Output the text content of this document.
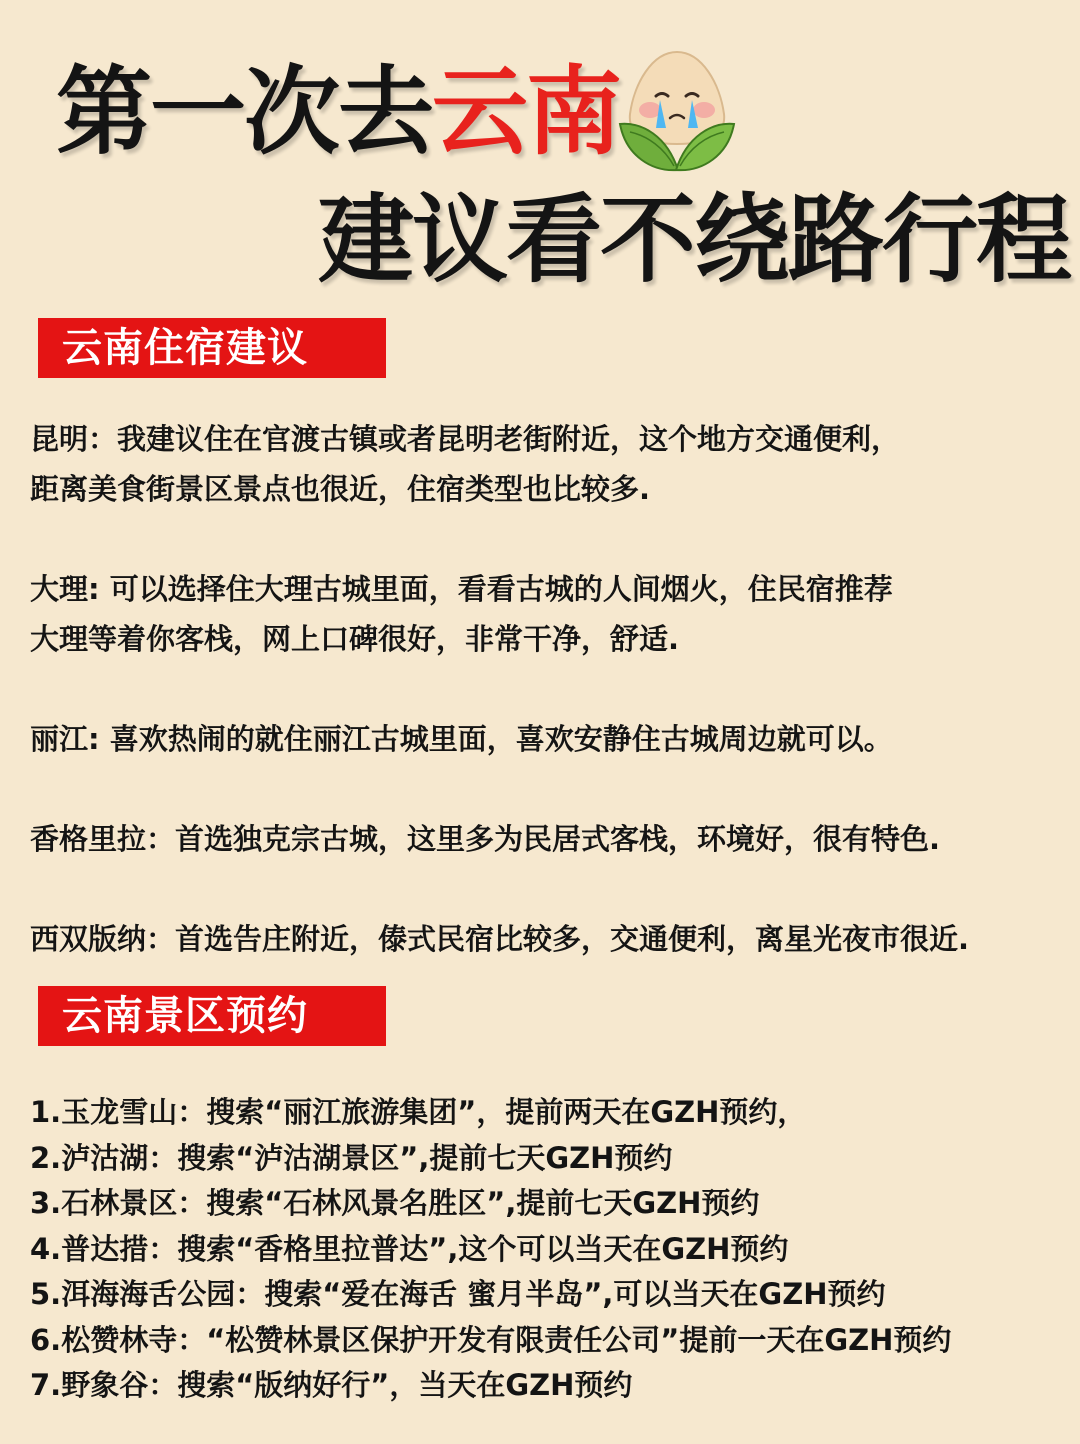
第一次去云南
建议看不绕路行程
云南住宿建议
昆明：我建议住在官渡古镇或者昆明老街附近，这个地方交通便利，
距离美食街景区景点也很近，住宿类型也比较多.
大理: 可以选择住大理古城里面，看看古城的人间烟火，住民宿推荐
大理等着你客栈，网上口碑很好，非常干净，舒适.
丽江: 喜欢热闹的就住丽江古城里面，喜欢安静住古城周边就可以。
香格里拉：首选独克宗古城，这里多为民居式客栈，环境好，很有特色.
西双版纳：首选告庄附近，傣式民宿比较多，交通便利，离星光夜市很近.
云南景区预约
1.玉龙雪山：搜索“丽江旅游集团”，提前两天在GZH预约，
2.泸沽湖：搜索“泸沽湖景区”,提前七天GZH预约
3.石林景区：搜索“石林风景名胜区”,提前七天GZH预约
4.普达措：搜索“香格里拉普达”,这个可以当天在GZH预约
5.洱海海舌公园：搜索“爱在海舌 蜜月半岛”,可以当天在GZH预约
6.松赞林寺：“松赞林景区保护开发有限责任公司”提前一天在GZH预约
7.野象谷：搜索“版纳好行”，当天在GZH预约
